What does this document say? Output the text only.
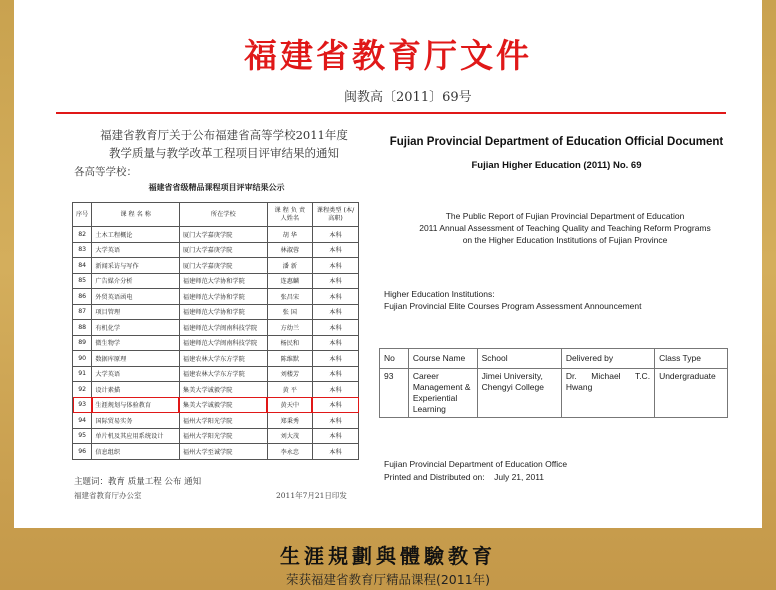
福建省教育厅文件
闽教高〔2011〕69号
福建省教育厅关于公布福建省高等学校2011年度
教学质量与教学改革工程项目评审结果的通知
各高等学校：
福建省省级精品课程项目评审结果公示
序号	课 程 名 称	所在学校	课 程 负 责 人姓名	课程类型 (本/高职)
82	土木工程概论	厦门大学嘉庚学院	胡 华	本科
83	大学英语	厦门大学嘉庚学院	林淑蓉	本科
84	新闻采访与写作	厦门大学嘉庚学院	潘 新	本科
85	广告媒介分析	福建师范大学协和学院	连惠麟	本科
86	外贸英语函电	福建师范大学协和学院	张昌宋	本科
87	项目管理	福建师范大学协和学院	张 国	本科
88	有机化学	福建师范大学闽南科技学院	方幼兰	本科
89	微生物学	福建师范大学闽南科技学院	杨民和	本科
90	数据库原理	福建农林大学东方学院	陈维默	本科
91	大学英语	福建农林大学东方学院	刘楼芳	本科
92	设计素描	集美大学诚毅学院	黄 平	本科
93	生涯规划与体验教育	集美大学诚毅学院	黄天中	本科
94	国际贸易实务	福州大学阳光学院	郑秉秀	本科
95	单片机及其应用系统设计	福州大学阳光学院	刘大茂	本科
96	信息组织	福州大学至诚学院	李永忠	本科
主题词：教育 质量工程 公布 通知
福建省教育厅办公室	2011年7月21日印发
Fujian Provincial Department of Education Official Document
Fujian Higher Education (2011) No. 69
The Public Report of Fujian Provincial Department of Education
2011 Annual Assessment of Teaching Quality and Teaching Reform Programs
on the Higher Education Institutions of Fujian Province
Higher Education Institutions:
Fujian Provincial Elite Courses Program Assessment Announcement
No	Course Name	School	Delivered by	Class Type
93	Career Management & Experiential Learning	Jimei University, Chengyi College	Dr. Michael T.C. Hwang	Undergraduate
Fujian Provincial Department of Education Office
Printed and Distributed on:    July 21, 2011
生涯規劃與體驗教育
荣获福建省教育厅精品课程(2011年)
